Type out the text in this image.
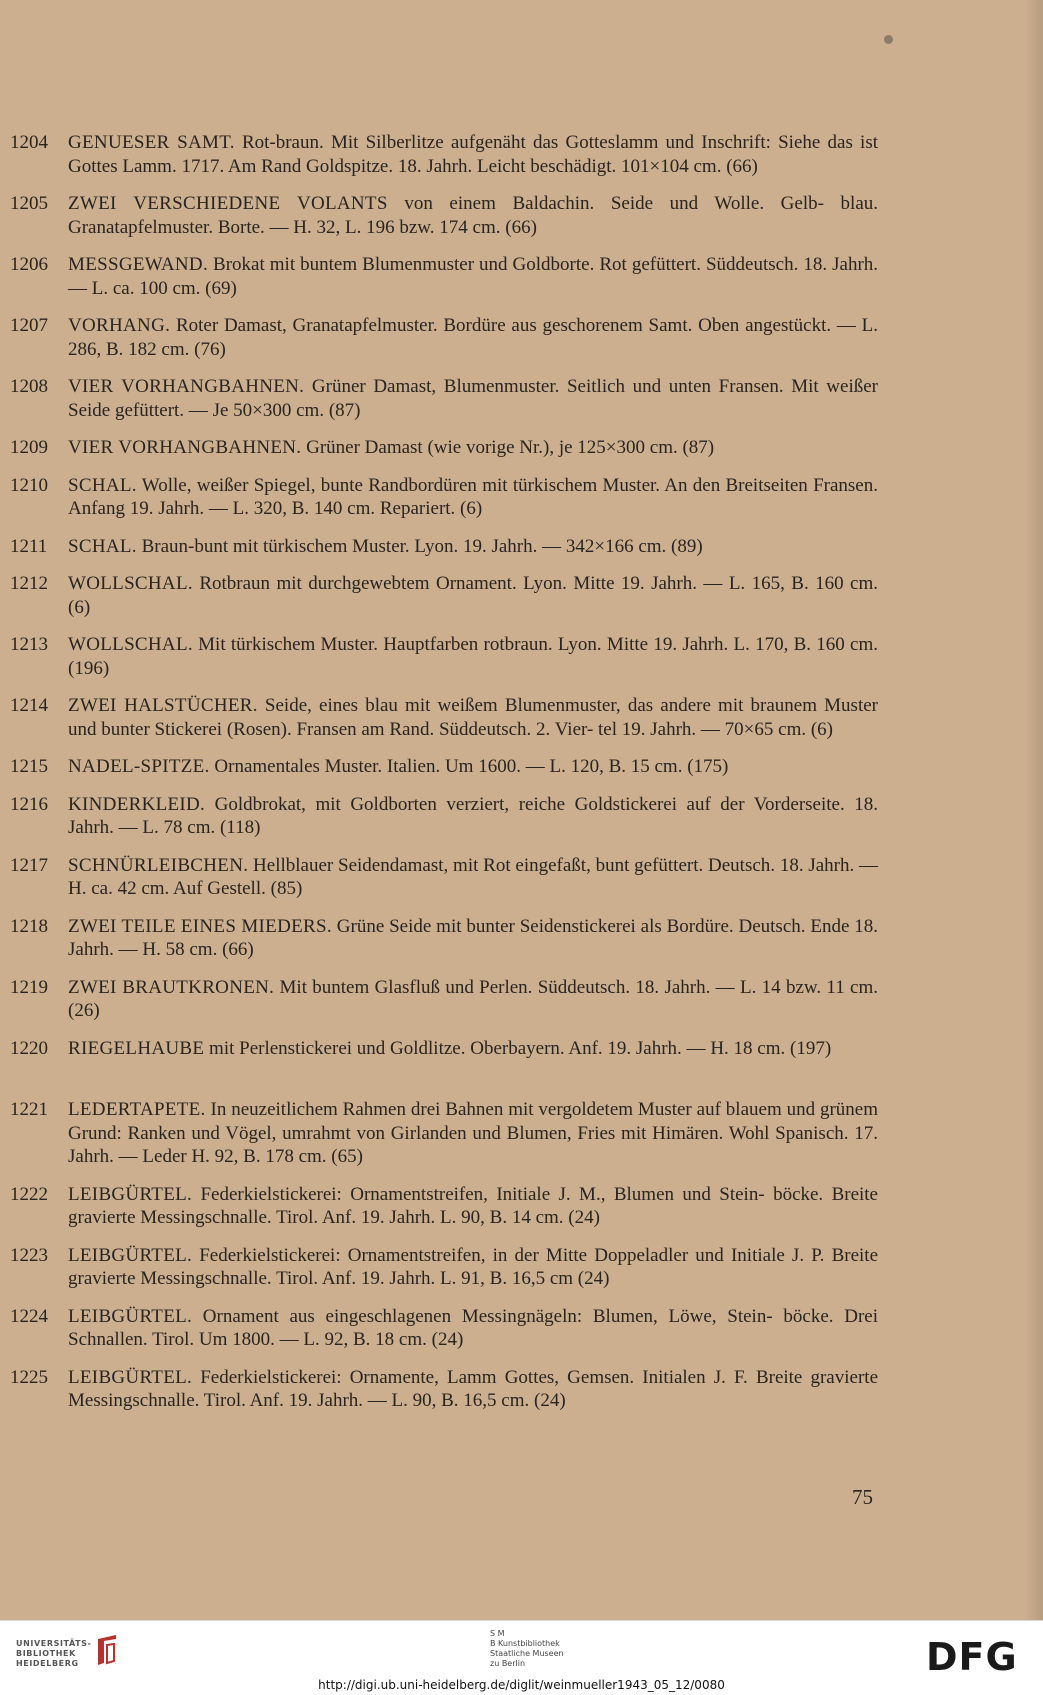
1204	GENUESER SAMT. Rot-braun. Mit Silberlitze aufgenäht das Gotteslamm und Inschrift: Siehe das ist Gottes Lamm. 1717. Am Rand Goldspitze. 18. Jahrh. Leicht beschädigt. 101×104 cm. (66)
1205	ZWEI VERSCHIEDENE VOLANTS von einem Baldachin. Seide und Wolle. Gelb- blau. Granatapfelmuster. Borte. — H. 32, L. 196 bzw. 174 cm. (66)
1206	MESSGEWAND. Brokat mit buntem Blumenmuster und Goldborte. Rot gefüttert. Süddeutsch. 18. Jahrh. — L. ca. 100 cm. (69)
1207	VORHANG. Roter Damast, Granatapfelmuster. Bordüre aus geschorenem Samt. Oben angestückt. — L. 286, B. 182 cm. (76)
1208	VIER VORHANGBAHNEN. Grüner Damast, Blumenmuster. Seitlich und unten Fransen. Mit weißer Seide gefüttert. — Je 50×300 cm. (87)
1209	VIER VORHANGBAHNEN. Grüner Damast (wie vorige Nr.), je 125×300 cm. (87)
1210	SCHAL. Wolle, weißer Spiegel, bunte Randbordüren mit türkischem Muster. An den Breitseiten Fransen. Anfang 19. Jahrh. — L. 320, B. 140 cm. Repariert. (6)
1211	SCHAL. Braun-bunt mit türkischem Muster. Lyon. 19. Jahrh. — 342×166 cm. (89)
1212	WOLLSCHAL. Rotbraun mit durchgewebtem Ornament. Lyon. Mitte 19. Jahrh. — L. 165, B. 160 cm. (6)
1213	WOLLSCHAL. Mit türkischem Muster. Hauptfarben rotbraun. Lyon. Mitte 19. Jahrh. L. 170, B. 160 cm. (196)
1214	ZWEI HALSTÜCHER. Seide, eines blau mit weißem Blumenmuster, das andere mit braunem Muster und bunter Stickerei (Rosen). Fransen am Rand. Süddeutsch. 2. Vier- tel 19. Jahrh. — 70×65 cm. (6)
1215	NADEL-SPITZE. Ornamentales Muster. Italien. Um 1600. — L. 120, B. 15 cm. (175)
1216	KINDERKLEID. Goldbrokat, mit Goldborten verziert, reiche Goldstickerei auf der Vorderseite. 18. Jahrh. — L. 78 cm. (118)
1217	SCHNÜRLEIBCHEN. Hellblauer Seidendamast, mit Rot eingefaßt, bunt gefüttert. Deutsch. 18. Jahrh. — H. ca. 42 cm. Auf Gestell. (85)
1218	ZWEI TEILE EINES MIEDERS. Grüne Seide mit bunter Seidenstickerei als Bordüre. Deutsch. Ende 18. Jahrh. — H. 58 cm. (66)
1219	ZWEI BRAUTKRONEN. Mit buntem Glasfluß und Perlen. Süddeutsch. 18. Jahrh. — L. 14 bzw. 11 cm. (26)
1220	RIEGELHAUBE mit Perlenstickerei und Goldlitze. Oberbayern. Anf. 19. Jahrh. — H. 18 cm. (197)
1221	LEDERTAPETE. In neuzeitlichem Rahmen drei Bahnen mit vergoldetem Muster auf blauem und grünem Grund: Ranken und Vögel, umrahmt von Girlanden und Blumen, Fries mit Himären. Wohl Spanisch. 17. Jahrh. — Leder H. 92, B. 178 cm. (65)
1222	LEIBGÜRTEL. Federkielstickerei: Ornamentstreifen, Initiale J. M., Blumen und Stein- böcke. Breite gravierte Messingschnalle. Tirol. Anf. 19. Jahrh. L. 90, B. 14 cm. (24)
1223	LEIBGÜRTEL. Federkielstickerei: Ornamentstreifen, in der Mitte Doppeladler und Initiale J. P. Breite gravierte Messingschnalle. Tirol. Anf. 19. Jahrh. L. 91, B. 16,5 cm (24)
1224	LEIBGÜRTEL. Ornament aus eingeschlagenen Messingnägeln: Blumen, Löwe, Stein- böcke. Drei Schnallen. Tirol. Um 1800. — L. 92, B. 18 cm. (24)
1225	LEIBGÜRTEL. Federkielstickerei: Ornamente, Lamm Gottes, Gemsen. Initialen J. F. Breite gravierte Messingschnalle. Tirol. Anf. 19. Jahrh. — L. 90, B. 16,5 cm. (24)
75
UNIVERSITÄTS-
BIBLIOTHEK
HEIDELBERG
S M
B Kunstbibliothek
Staatliche Museen
zu Berlin	DFG
http://digi.ub.uni-heidelberg.de/diglit/weinmueller1943_05_12/0080
